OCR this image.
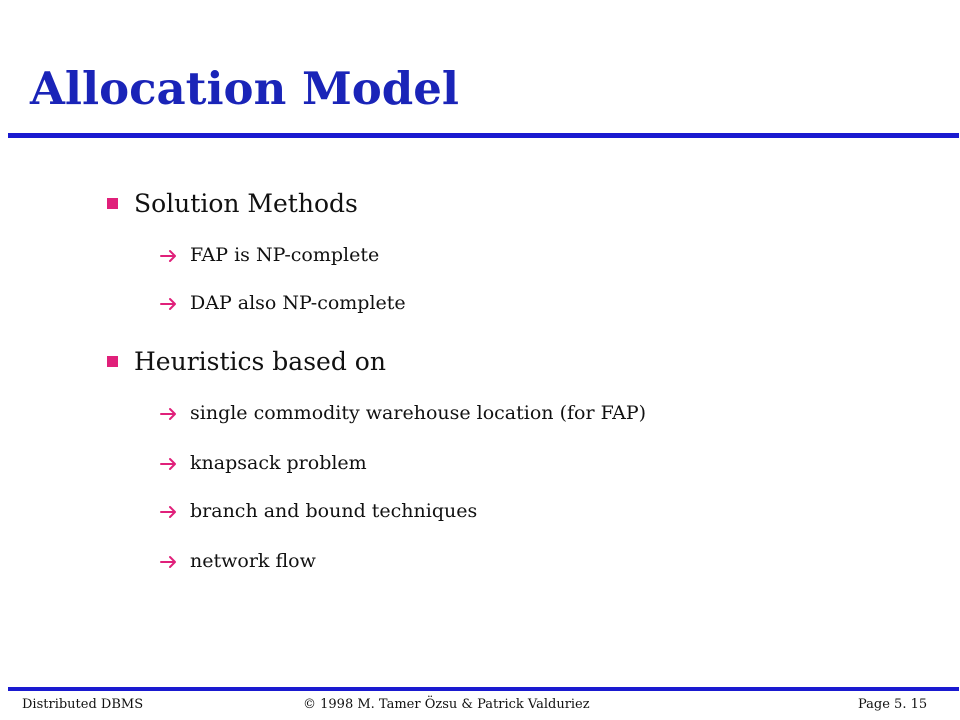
Allocation Model
Solution Methods
FAP is NP-complete
DAP also NP-complete
Heuristics based on
single commodity warehouse location (for FAP)
knapsack problem
branch and bound techniques
network flow
Distributed DBMS	© 1998 M. Tamer Özsu & Patrick Valduriez	Page 5. 15
